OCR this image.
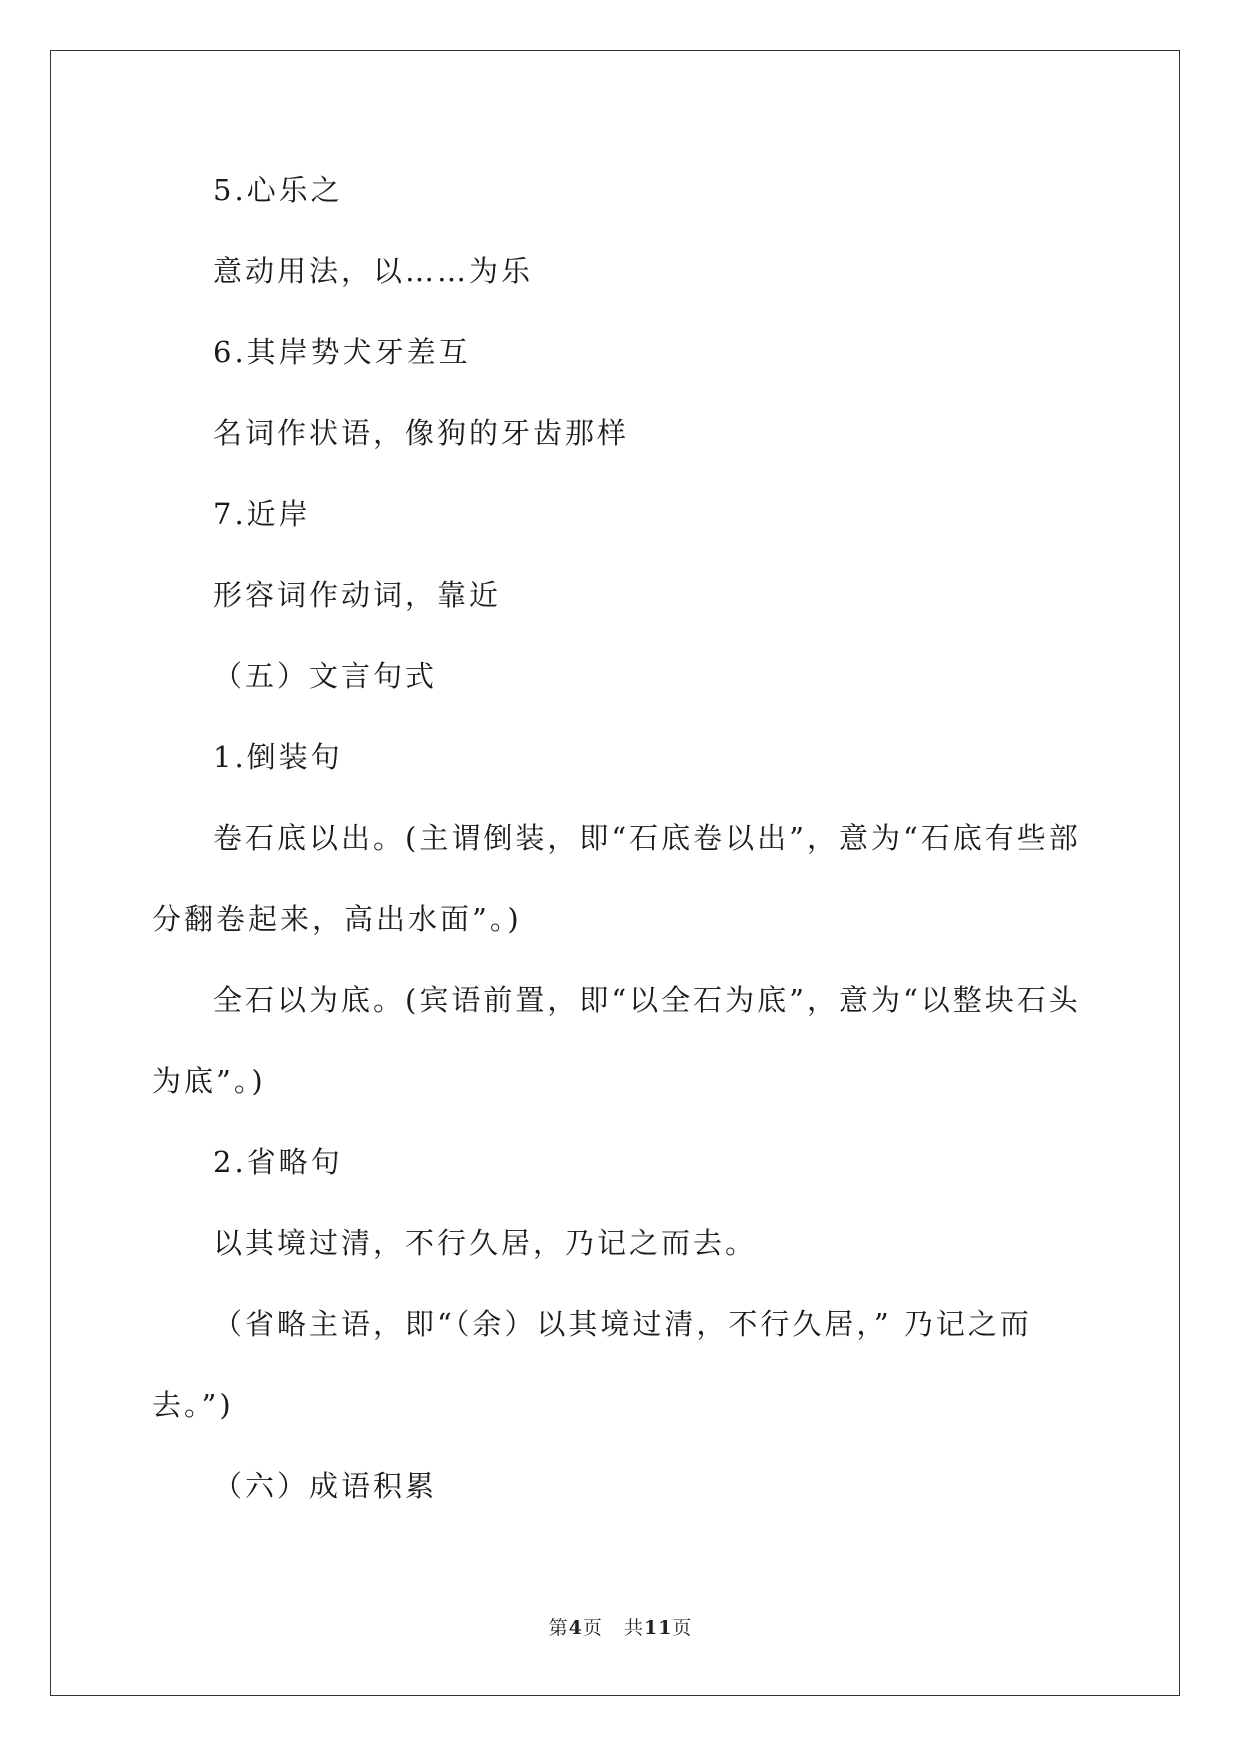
5.心乐之
意动用法，以……为乐
6.其岸势犬牙差互
名词作状语，像狗的牙齿那样
7.近岸
形容词作动词，靠近
（五）文言句式
1.倒装句
卷石底以出。(主谓倒装，即“石底卷以出”，意为“石底有些部
分翻卷起来，高出水面”。)
全石以为底。(宾语前置，即“以全石为底”，意为“以整块石头
为底”。)
2.省略句
以其境过清，不行久居，乃记之而去。
（省略主语，即“（余）以其境过清，不行久居，” 乃记之而
去。”)
（六）成语积累
第4页 共11页
